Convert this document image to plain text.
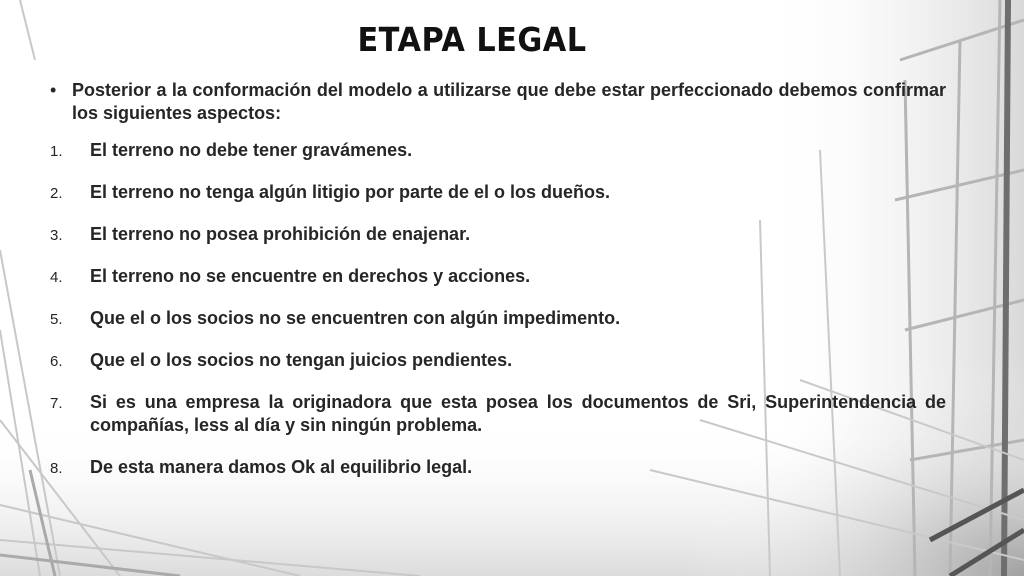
ETAPA LEGAL
• Posterior a la conformación del modelo a utilizarse que debe estar perfeccionado debemos confirmar los siguientes aspectos:
1. El terreno no debe tener gravámenes.
2. El terreno no tenga algún litigio por parte de el o los dueños.
3. El terreno no posea prohibición de enajenar.
4. El terreno no se encuentre en derechos y acciones.
5. Que el o los socios no se encuentren con algún impedimento.
6. Que el o los socios no tengan juicios pendientes.
7. Si es una empresa la originadora que esta posea los documentos de Sri, Superintendencia de compañías, less al día y sin ningún problema.
8. De esta manera damos Ok al equilibrio legal.
